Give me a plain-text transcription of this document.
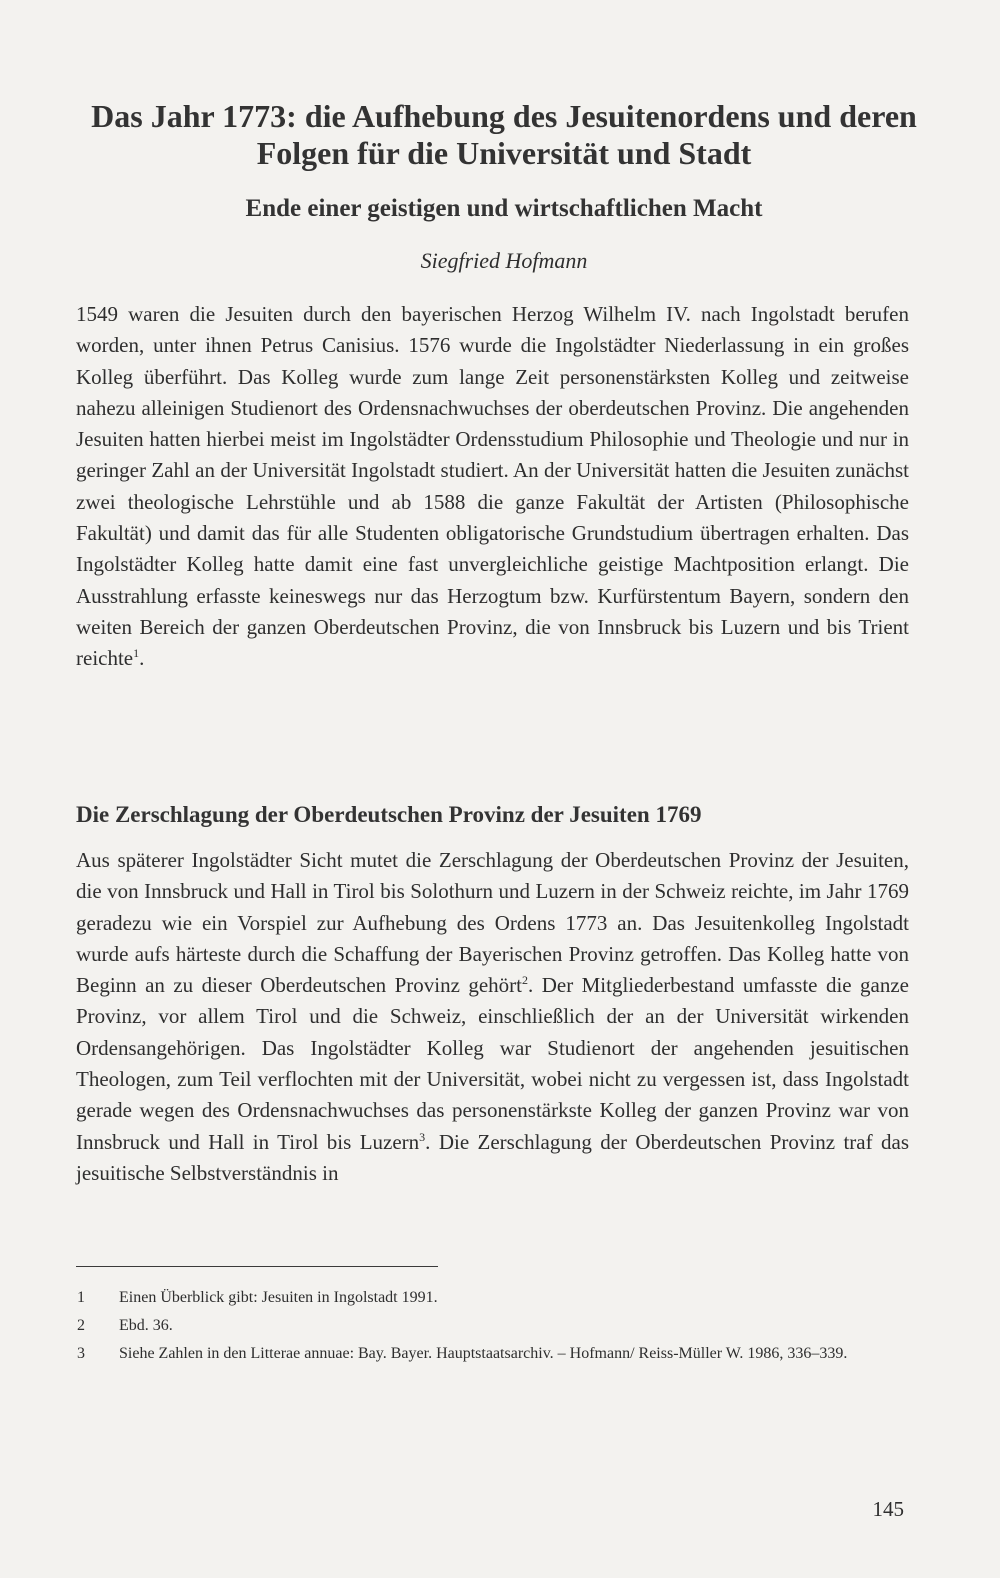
Das Jahr 1773: die Aufhebung des Jesuitenordens und deren Folgen für die Universität und Stadt
Ende einer geistigen und wirtschaftlichen Macht

Siegfried Hofmann

1549 waren die Jesuiten durch den bayerischen Herzog Wilhelm IV. nach Ingolstadt berufen worden, unter ihnen Petrus Canisius. 1576 wurde die Ingolstädter Niederlassung in ein großes Kolleg überführt. Das Kolleg wurde zum lange Zeit personenstärksten Kolleg und zeitweise nahezu alleinigen Studienort des Ordensnachwuchses der oberdeutschen Provinz. Die angehenden Jesuiten hatten hierbei meist im Ingolstädter Ordensstudium Philosophie und Theologie und nur in geringer Zahl an der Universität Ingolstadt studiert. An der Universität hatten die Jesuiten zunächst zwei theologische Lehrstühle und ab 1588 die ganze Fakultät der Artisten (Philosophische Fakultät) und damit das für alle Studenten obligatorische Grundstudium übertragen erhalten. Das Ingolstädter Kolleg hatte damit eine fast unvergleichliche geistige Machtposition erlangt. Die Ausstrahlung erfasste keineswegs nur das Herzogtum bzw. Kurfürstentum Bayern, sondern den weiten Bereich der ganzen Oberdeutschen Provinz, die von Innsbruck bis Luzern und bis Trient reichte$^1$.

Die Zerschlagung der Oberdeutschen Provinz der Jesuiten 1769

Aus späterer Ingolstädter Sicht mutet die Zerschlagung der Oberdeutschen Provinz der Jesuiten, die von Innsbruck und Hall in Tirol bis Solothurn und Luzern in der Schweiz reichte, im Jahr 1769 geradezu wie ein Vorspiel zur Aufhebung des Ordens 1773 an. Das Jesuitenkolleg Ingolstadt wurde aufs härteste durch die Schaffung der Bayerischen Provinz getroffen. Das Kolleg hatte von Beginn an zu dieser Oberdeutschen Provinz gehört$^2$. Der Mitgliederbestand umfasste die ganze Provinz, vor allem Tirol und die Schweiz, einschließlich der an der Universität wirkenden Ordensangehörigen. Das Ingolstädter Kolleg war Studienort der angehenden jesuitischen Theologen, zum Teil verflochten mit der Universität, wobei nicht zu vergessen ist, dass Ingolstadt gerade wegen des Ordensnachwuchses das personenstärkste Kolleg der ganzen Provinz war von Innsbruck und Hall in Tirol bis Luzern$^3$. Die Zerschlagung der Oberdeutschen Provinz traf das jesuitische Selbstverständnis in

1 Einen Überblick gibt: Jesuiten in Ingolstadt 1991.

2 Ebd. 36.

3 Siehe Zahlen in den Litterae annuae: Bay. Bayer. Hauptstaatsarchiv. – Hofmann/ Reiss-Müller W. 1986, 336–339.

145
